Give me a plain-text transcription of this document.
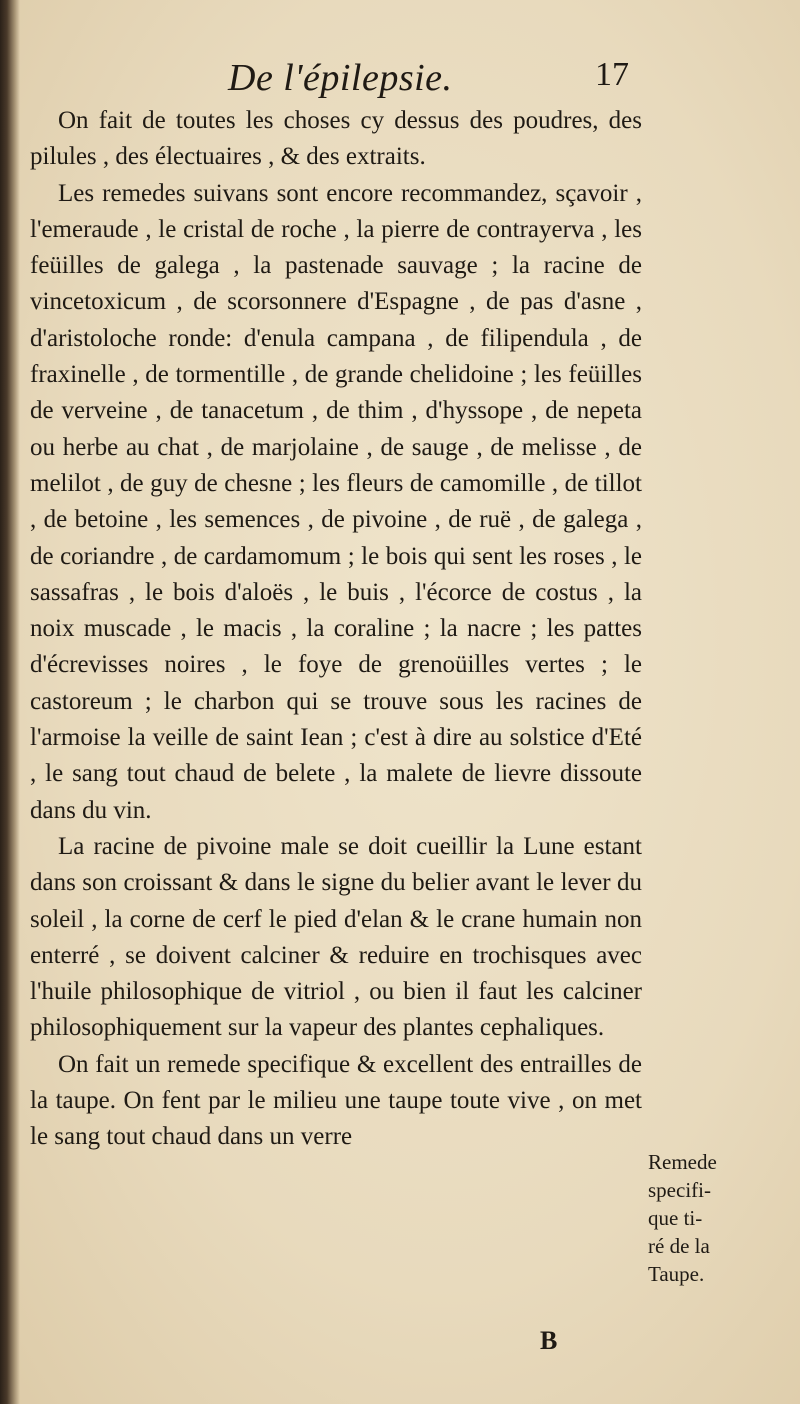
De l'épilepsie.	17

On fait de toutes les choses cy dessus des poudres, des pilules , des électuaires , & des extraits.

Les remedes suivans sont encore recommandez, sçavoir , l'emeraude , le cristal de roche , la pierre de contrayerva , les feüilles de galega , la pastenade sauvage ; la racine de vincetoxicum , de scorsonnere d'Espagne , de pas d'asne , d'aristoloche ronde: d'enula campana , de filipendula , de fraxinelle , de tormentille , de grande chelidoine ; les feüilles de verveine , de tanacetum , de thim , d'hyssope , de nepeta ou herbe au chat , de marjolaine , de sauge , de melisse , de melilot , de guy de chesne ; les fleurs de camomille , de tillot , de betoine , les semences , de pivoine , de ruë , de galega , de coriandre , de cardamomum ; le bois qui sent les roses , le sassafras , le bois d'aloës , le buis , l'écorce de costus , la noix muscade , le macis , la coraline ; la nacre ; les pattes d'écrevisses noires , le foye de grenoüilles vertes ; le castoreum ; le charbon qui se trouve sous les racines de l'armoise la veille de saint Iean ; c'est à dire au solstice d'Eté , le sang tout chaud de belete , la malete de lievre dissoute dans du vin.

La racine de pivoine male se doit cueillir la Lune estant dans son croissant & dans le signe du belier avant le lever du soleil , la corne de cerf le pied d'elan & le crane humain non enterré , se doivent calciner & reduire en trochisques avec l'huile philosophique de vitriol , ou bien il faut les calciner philosophiquement sur la vapeur des plantes cephaliques.

On fait un remede specifique & excellent des entrailles de la taupe. On fent par le milieu une taupe toute vive , on met le sang tout chaud dans un verre

Remede
specifi-
que ti-
ré de la
Taupe.
B
